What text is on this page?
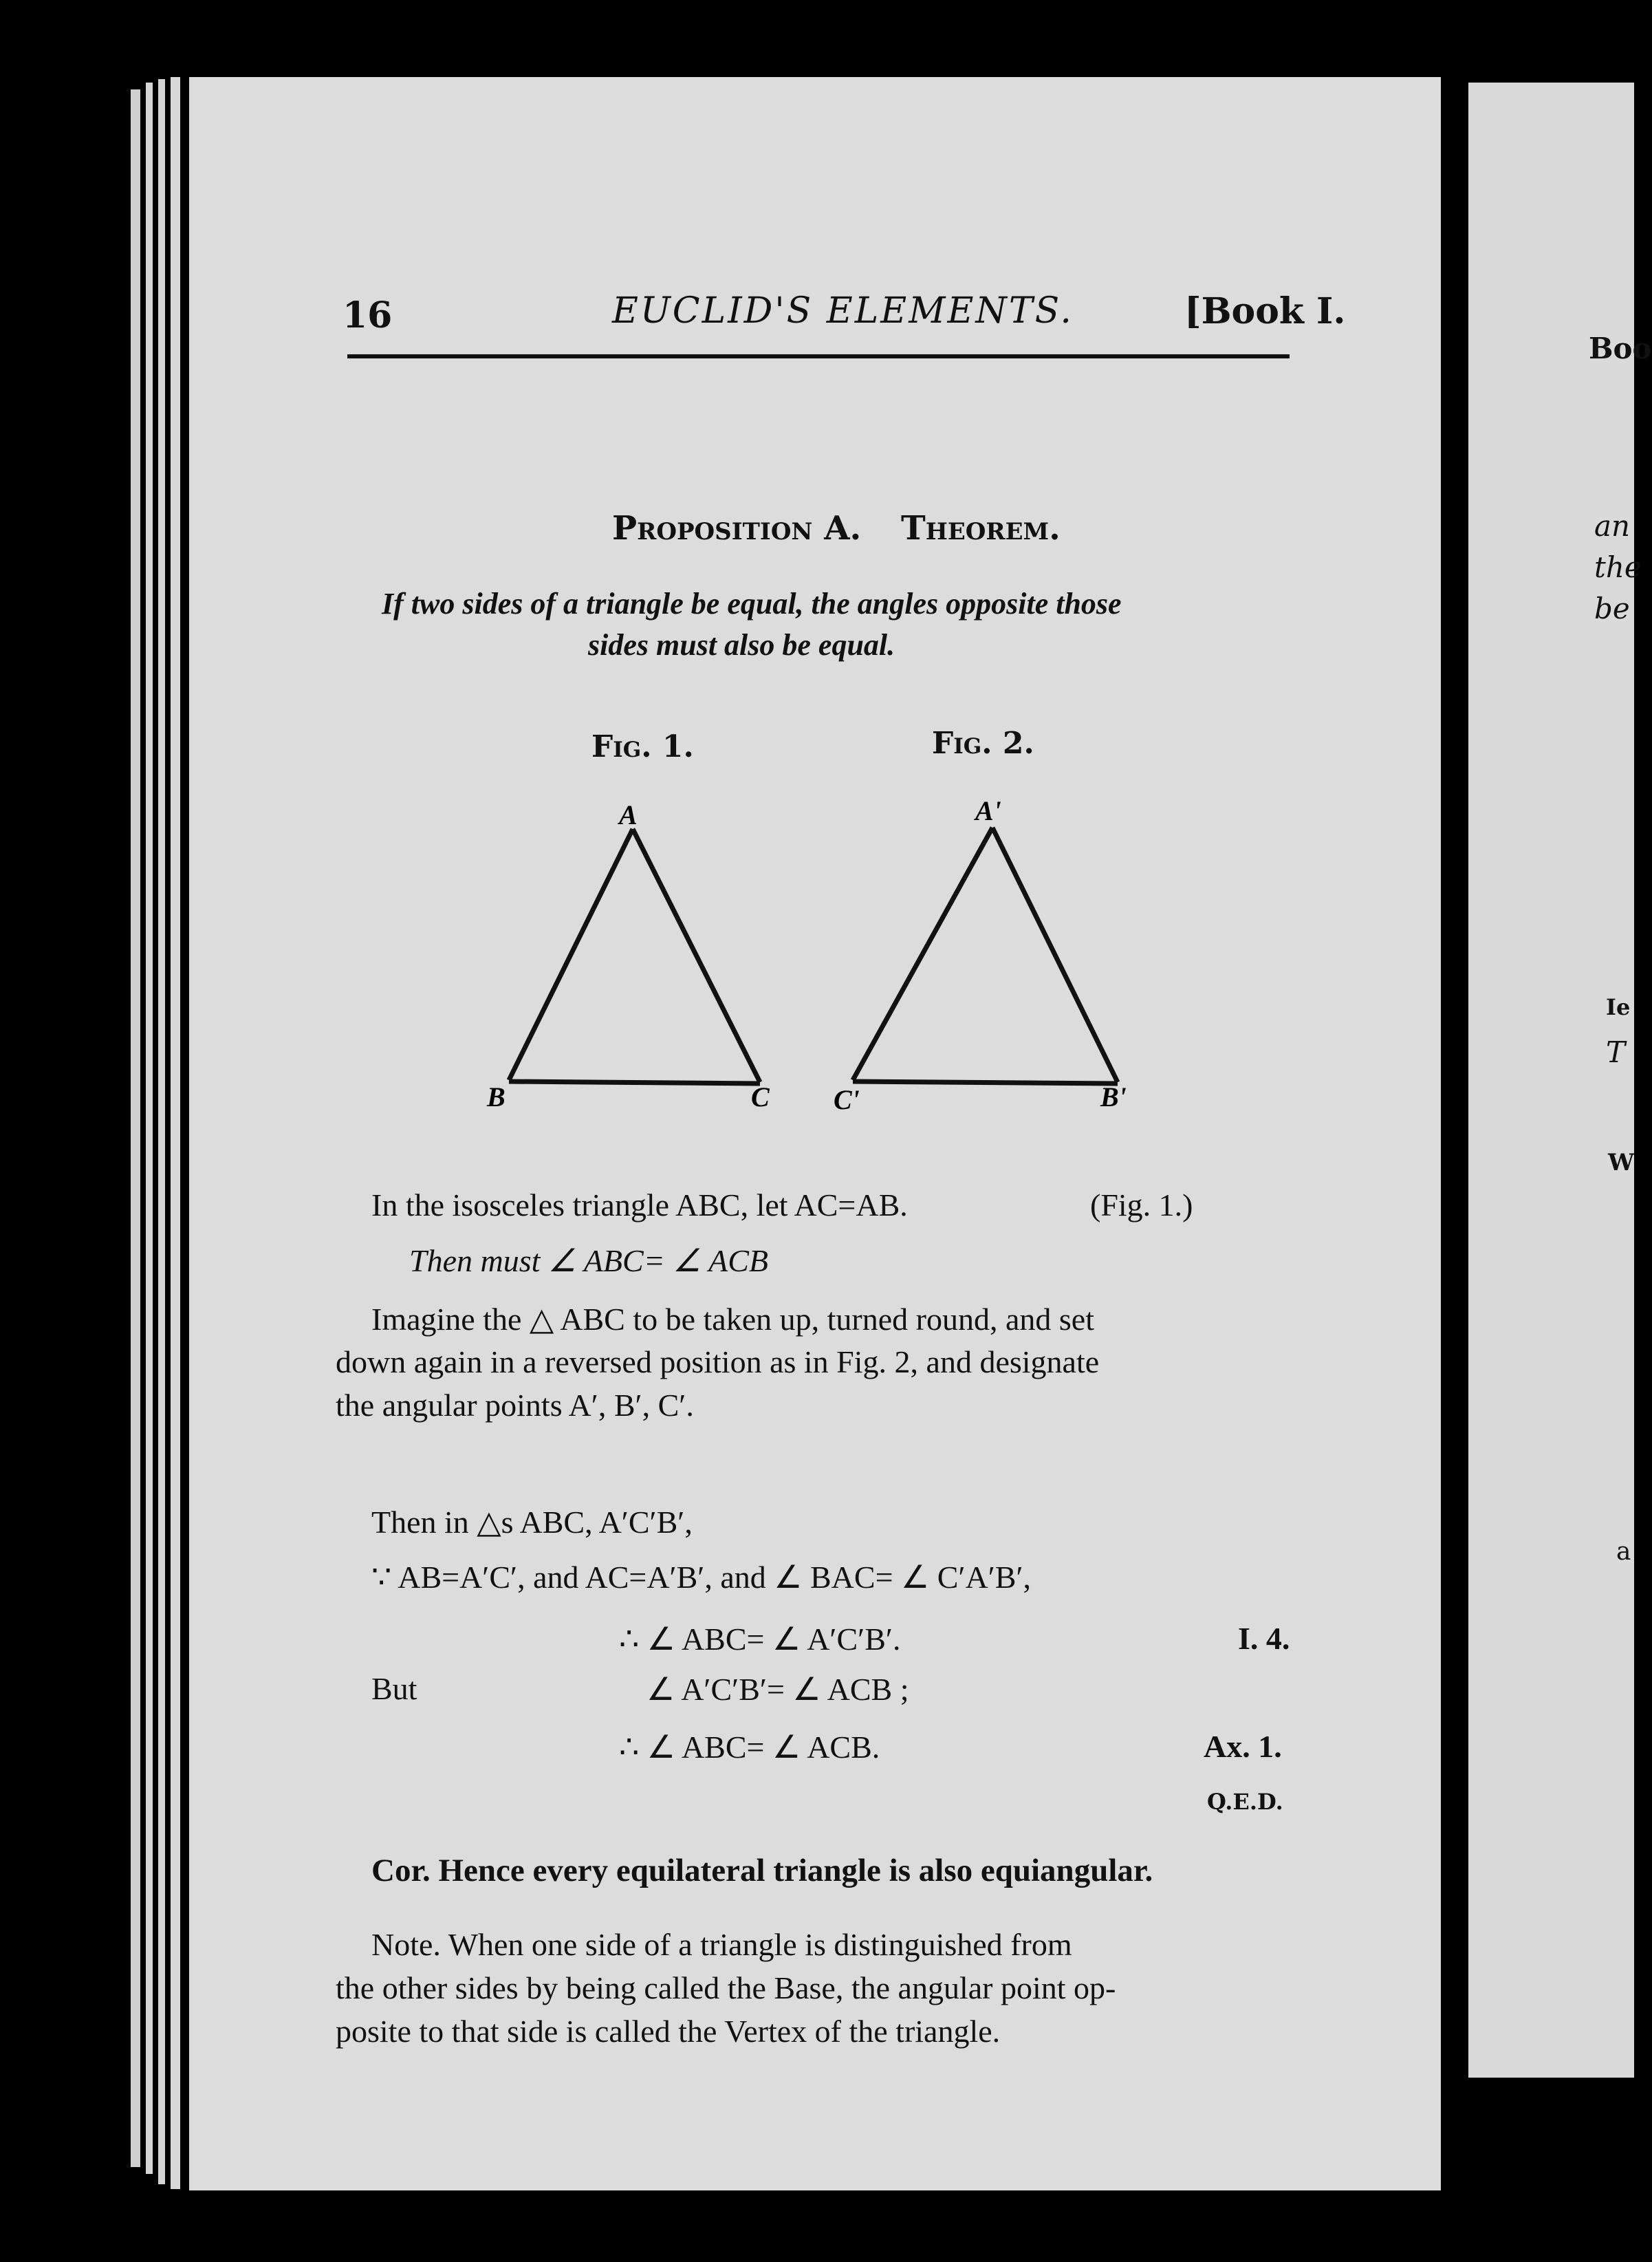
16	EUCLID'S ELEMENTS.	[Book I.
Proposition A. Theorem.
If two sides of a triangle be equal, the angles opposite those
sides must also be equal.
Fig. 1.	Fig. 2.
A
B	C
A'
C'	B'
In the isosceles triangle ABC, let AC=AB.	(Fig. 1.)
Then must ∠ ABC= ∠ ACB
Imagine the △ ABC to be taken up, turned round, and set
down again in a reversed position as in Fig. 2, and designate
the angular points A′, B′, C′.
Then in △s ABC, A′C′B′,
∵ AB=A′C′, and AC=A′B′, and ∠ BAC= ∠ C′A′B′,
∴ ∠ ABC= ∠ A′C′B′.	I. 4.
But	∠ A′C′B′= ∠ ACB ;
∴ ∠ ABC= ∠ ACB.	Ax. 1.
Q.E.D.
Cor. Hence every equilateral triangle is also equiangular.
Note. When one side of a triangle is distinguished from
the other sides by being called the Base, the angular point op-
posite to that side is called the Vertex of the triangle.
Boo
an
the
be
Ie
T
W
a
